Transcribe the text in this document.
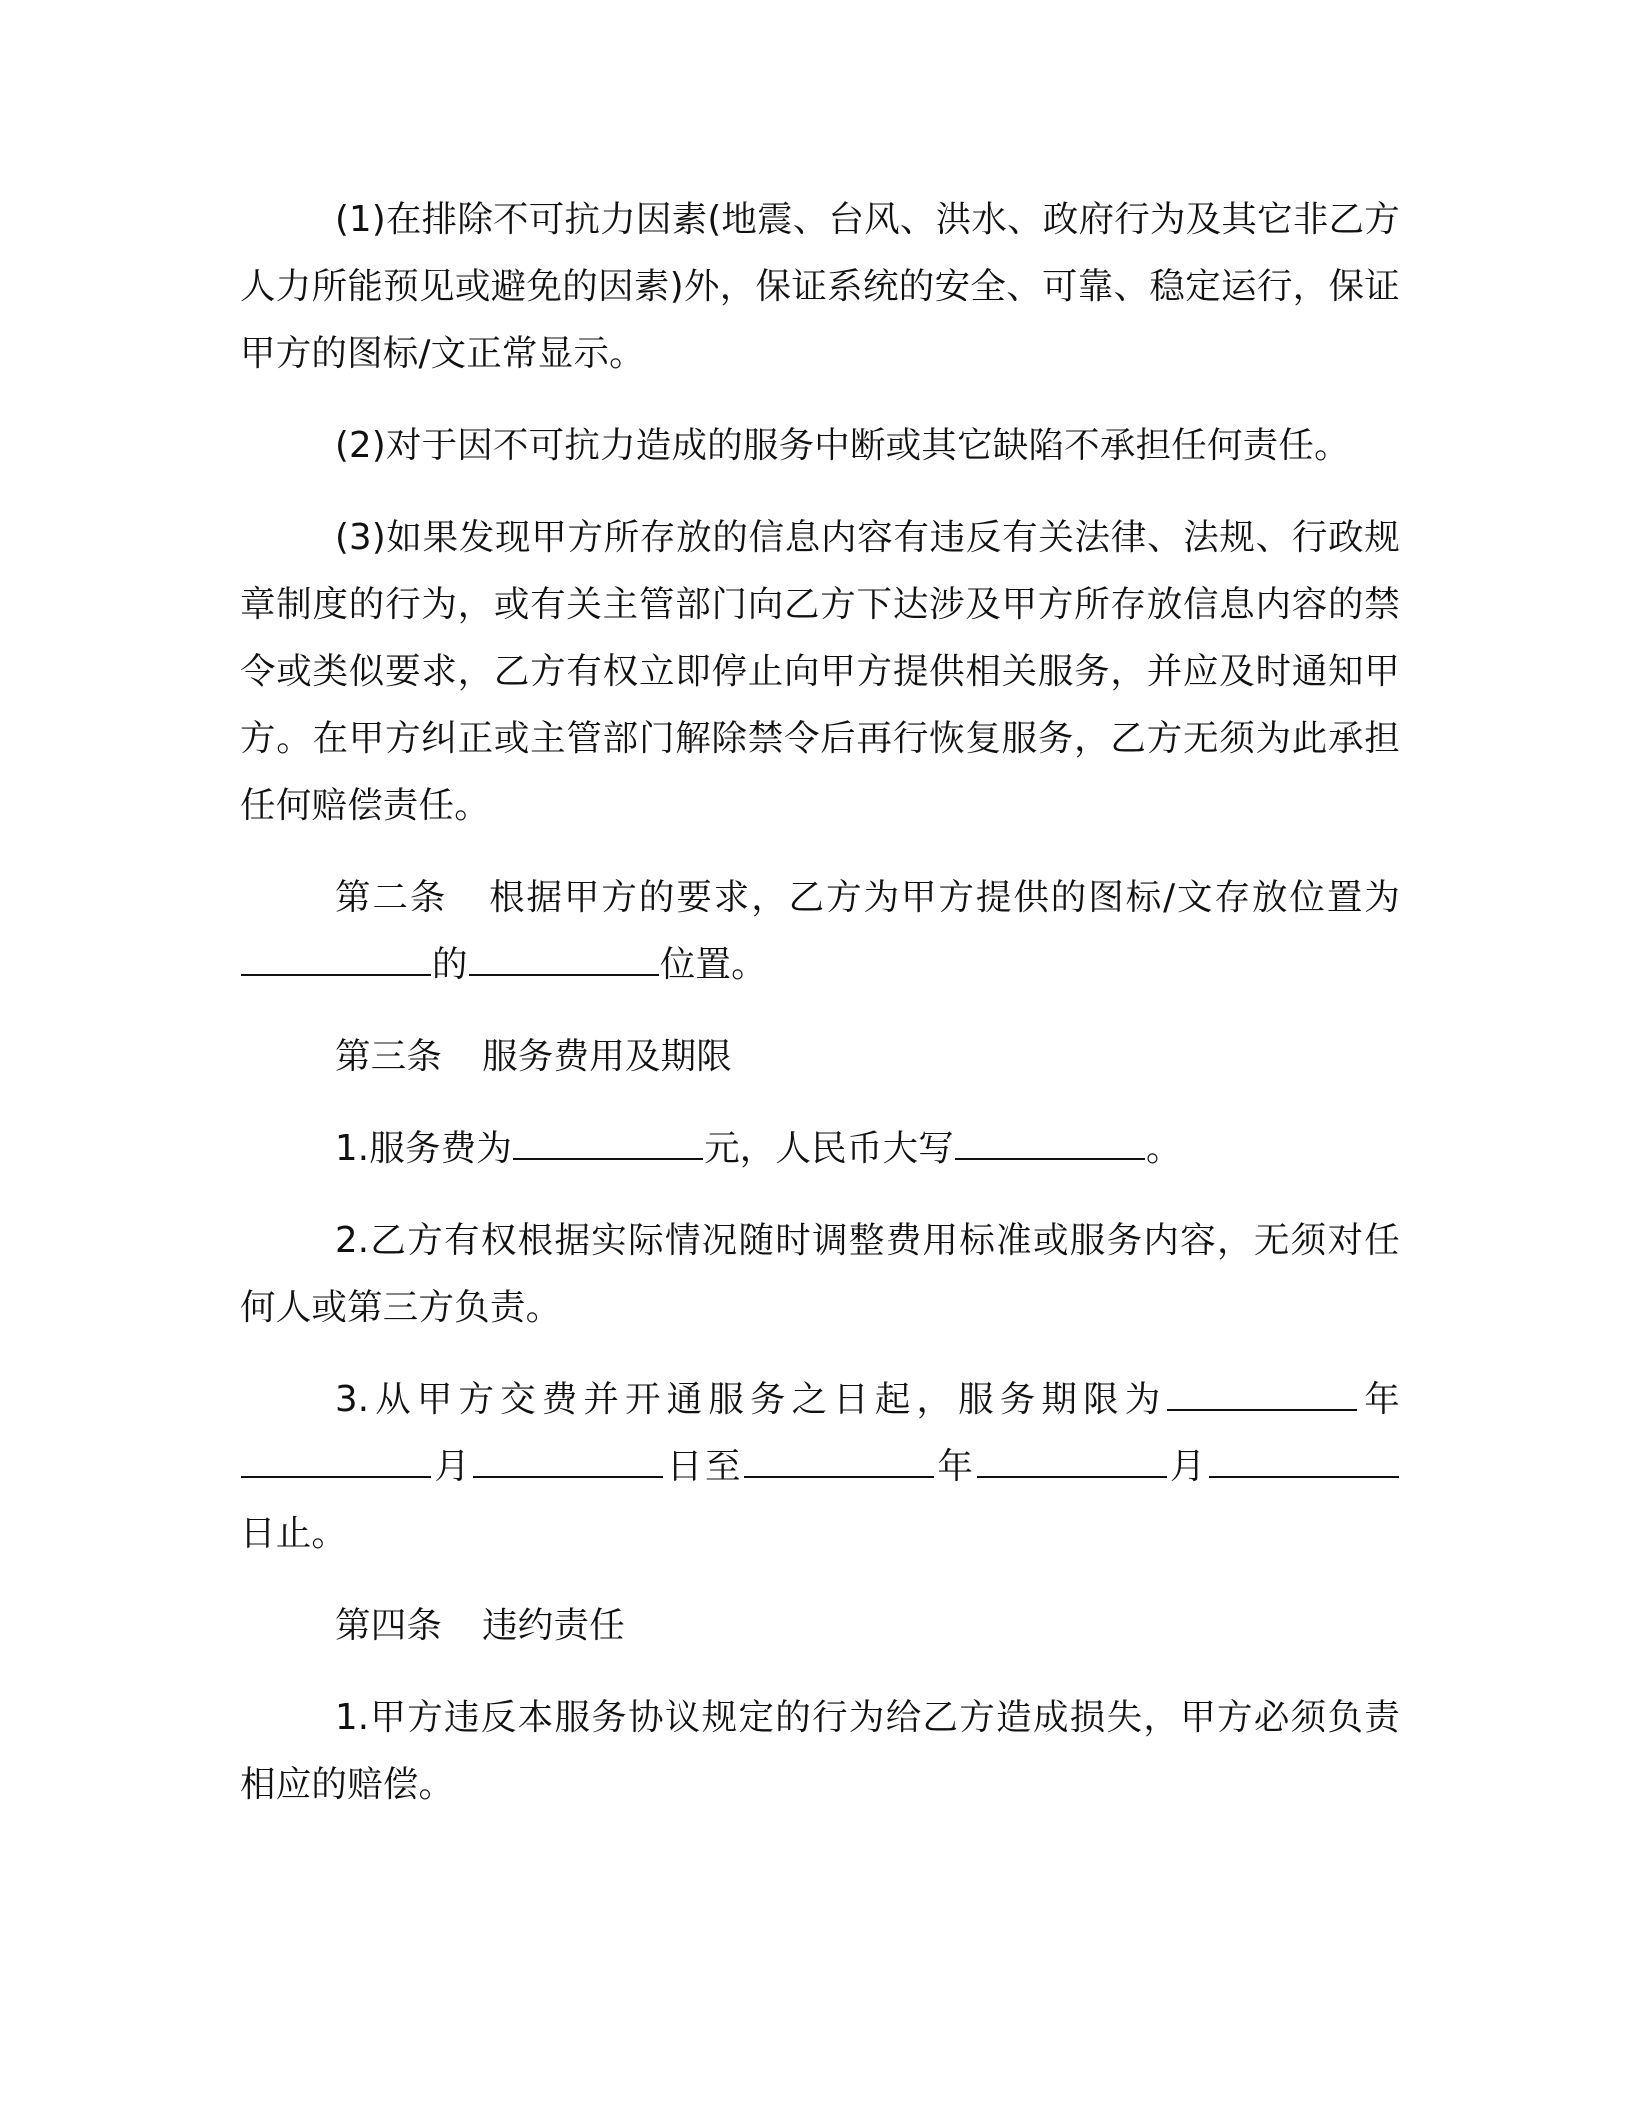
(1)在排除不可抗力因素(地震、台风、洪水、政府行为及其它非乙方人力所能预见或避免的因素)外，保证系统的安全、可靠、稳定运行，保证甲方的图标/文正常显示。

(2)对于因不可抗力造成的服务中断或其它缺陷不承担任何责任。

(3)如果发现甲方所存放的信息内容有违反有关法律、法规、行政规章制度的行为，或有关主管部门向乙方下达涉及甲方所存放信息内容的禁令或类似要求，乙方有权立即停止向甲方提供相关服务，并应及时通知甲方。在甲方纠正或主管部门解除禁令后再行恢复服务，乙方无须为此承担任何赔偿责任。

第二条 根据甲方的要求，乙方为甲方提供的图标/文存放位置为的	位置。

第三条 服务费用及期限

1.服务费为	元，人民币大写	。

2.乙方有权根据实际情况随时调整费用标准或服务内容，无须对任何人或第三方负责。

3.从甲方交费并开通服务之日起，服务期限为	年月	日至	年	月日止。

第四条 违约责任

1.甲方违反本服务协议规定的行为给乙方造成损失，甲方必须负责相应的赔偿。
